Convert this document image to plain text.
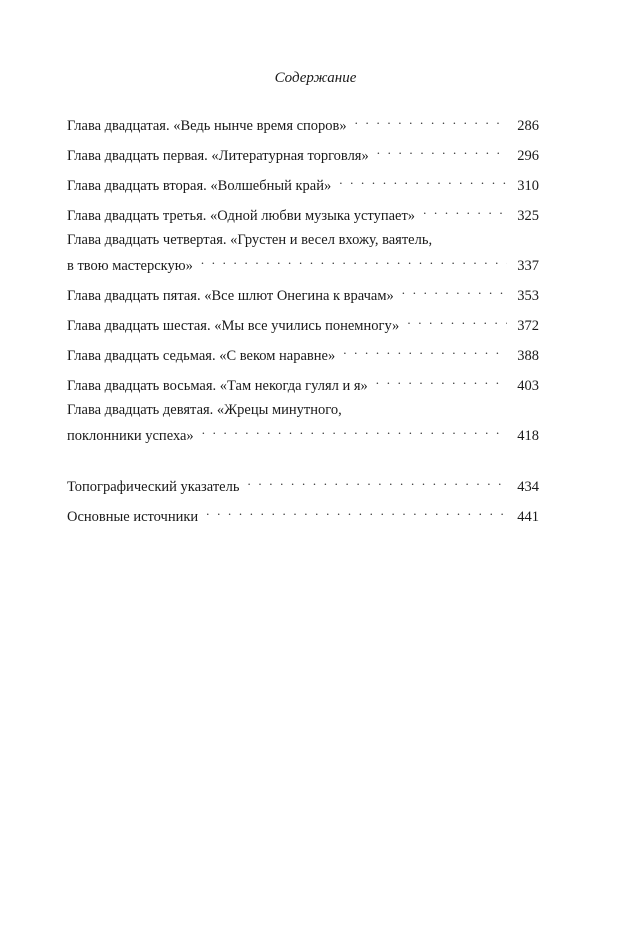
Содержание
Глава двадцатая. «Ведь нынче время споров» . . .	286
Глава двадцать первая. «Литературная торговля» . . .	296
Глава двадцать вторая. «Волшебный край» . . .	310
Глава двадцать третья. «Одной любви музыка уступает» . . .	325
Глава двадцать четвертая. «Грустен и весел вхожу, ваятель,
в твою мастерскую» . . .	337
Глава двадцать пятая. «Все шлют Онегина к врачам» . . .	353
Глава двадцать шестая. «Мы все учились понемногу» . . .	372
Глава двадцать седьмая. «С веком наравне» . . .	388
Глава двадцать восьмая. «Там некогда гулял и я» . . .	403
Глава двадцать девятая. «Жрецы минутного,
поклонники успеха» . . .	418
Топографический указатель . . .	434
Основные источники . . .	441
